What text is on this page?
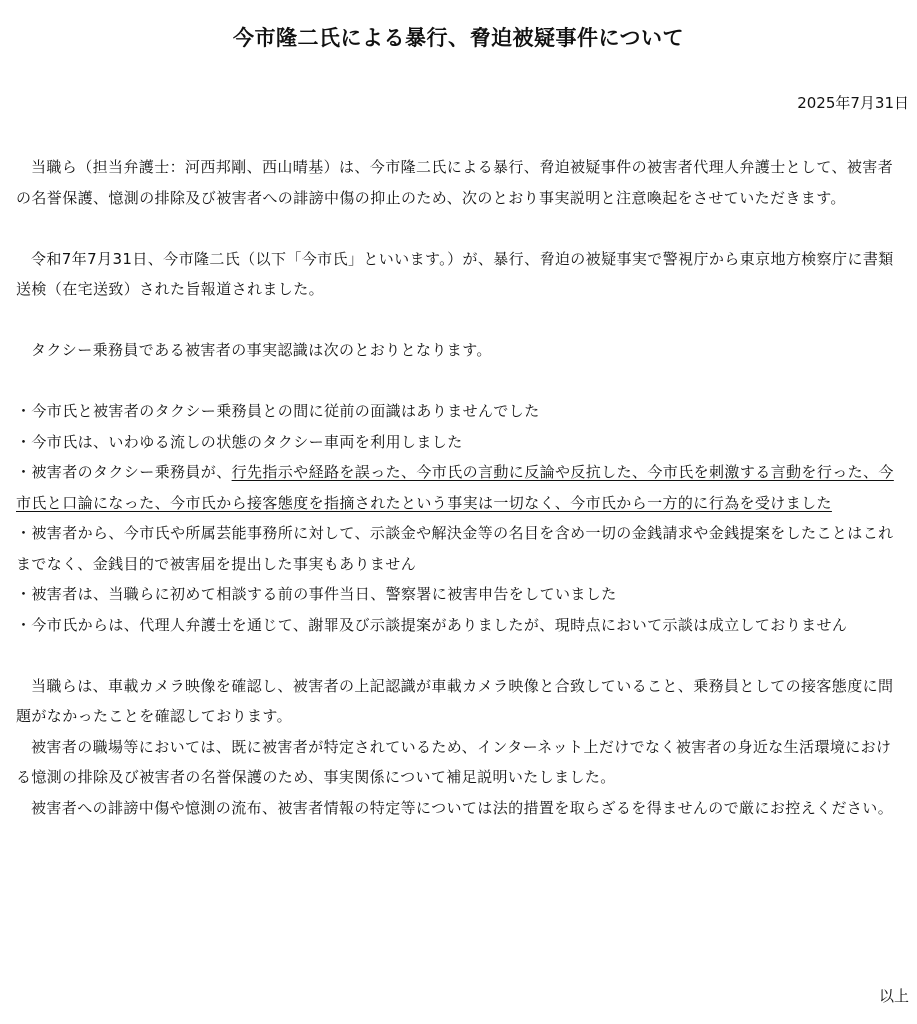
今市隆二氏による暴行、脅迫被疑事件について
2025年7月31日

当職ら（担当弁護士：河西邦剛、西山晴基）は、今市隆二氏による暴行、脅迫被疑事件の被害者代理人弁護士として、被害者の名誉保護、憶測の排除及び被害者への誹謗中傷の抑止のため、次のとおり事実説明と注意喚起をさせていただきます。

令和7年7月31日、今市隆二氏（以下「今市氏」といいます。）が、暴行、脅迫の被疑事実で警視庁から東京地方検察庁に書類送検（在宅送致）された旨報道されました。

タクシー乗務員である被害者の事実認識は次のとおりとなります。

・今市氏と被害者のタクシー乗務員との間に従前の面識はありませんでした

・今市氏は、いわゆる流しの状態のタクシー車両を利用しました

・被害者のタクシー乗務員が、行先指示や経路を誤った、今市氏の言動に反論や反抗した、今市氏を刺激する言動を行った、今市氏と口論になった、今市氏から接客態度を指摘されたという事実は一切なく、今市氏から一方的に行為を受けました

・被害者から、今市氏や所属芸能事務所に対して、示談金や解決金等の名目を含め一切の金銭請求や金銭提案をしたことはこれまでなく、金銭目的で被害届を提出した事実もありません

・被害者は、当職らに初めて相談する前の事件当日、警察署に被害申告をしていました

・今市氏からは、代理人弁護士を通じて、謝罪及び示談提案がありましたが、現時点において示談は成立しておりません

当職らは、車載カメラ映像を確認し、被害者の上記認識が車載カメラ映像と合致していること、乗務員としての接客態度に問題がなかったことを確認しております。

被害者の職場等においては、既に被害者が特定されているため、インターネット上だけでなく被害者の身近な生活環境における憶測の排除及び被害者の名誉保護のため、事実関係について補足説明いたしました。

被害者への誹謗中傷や憶測の流布、被害者情報の特定等については法的措置を取らざるを得ませんので厳にお控えください。

以上
